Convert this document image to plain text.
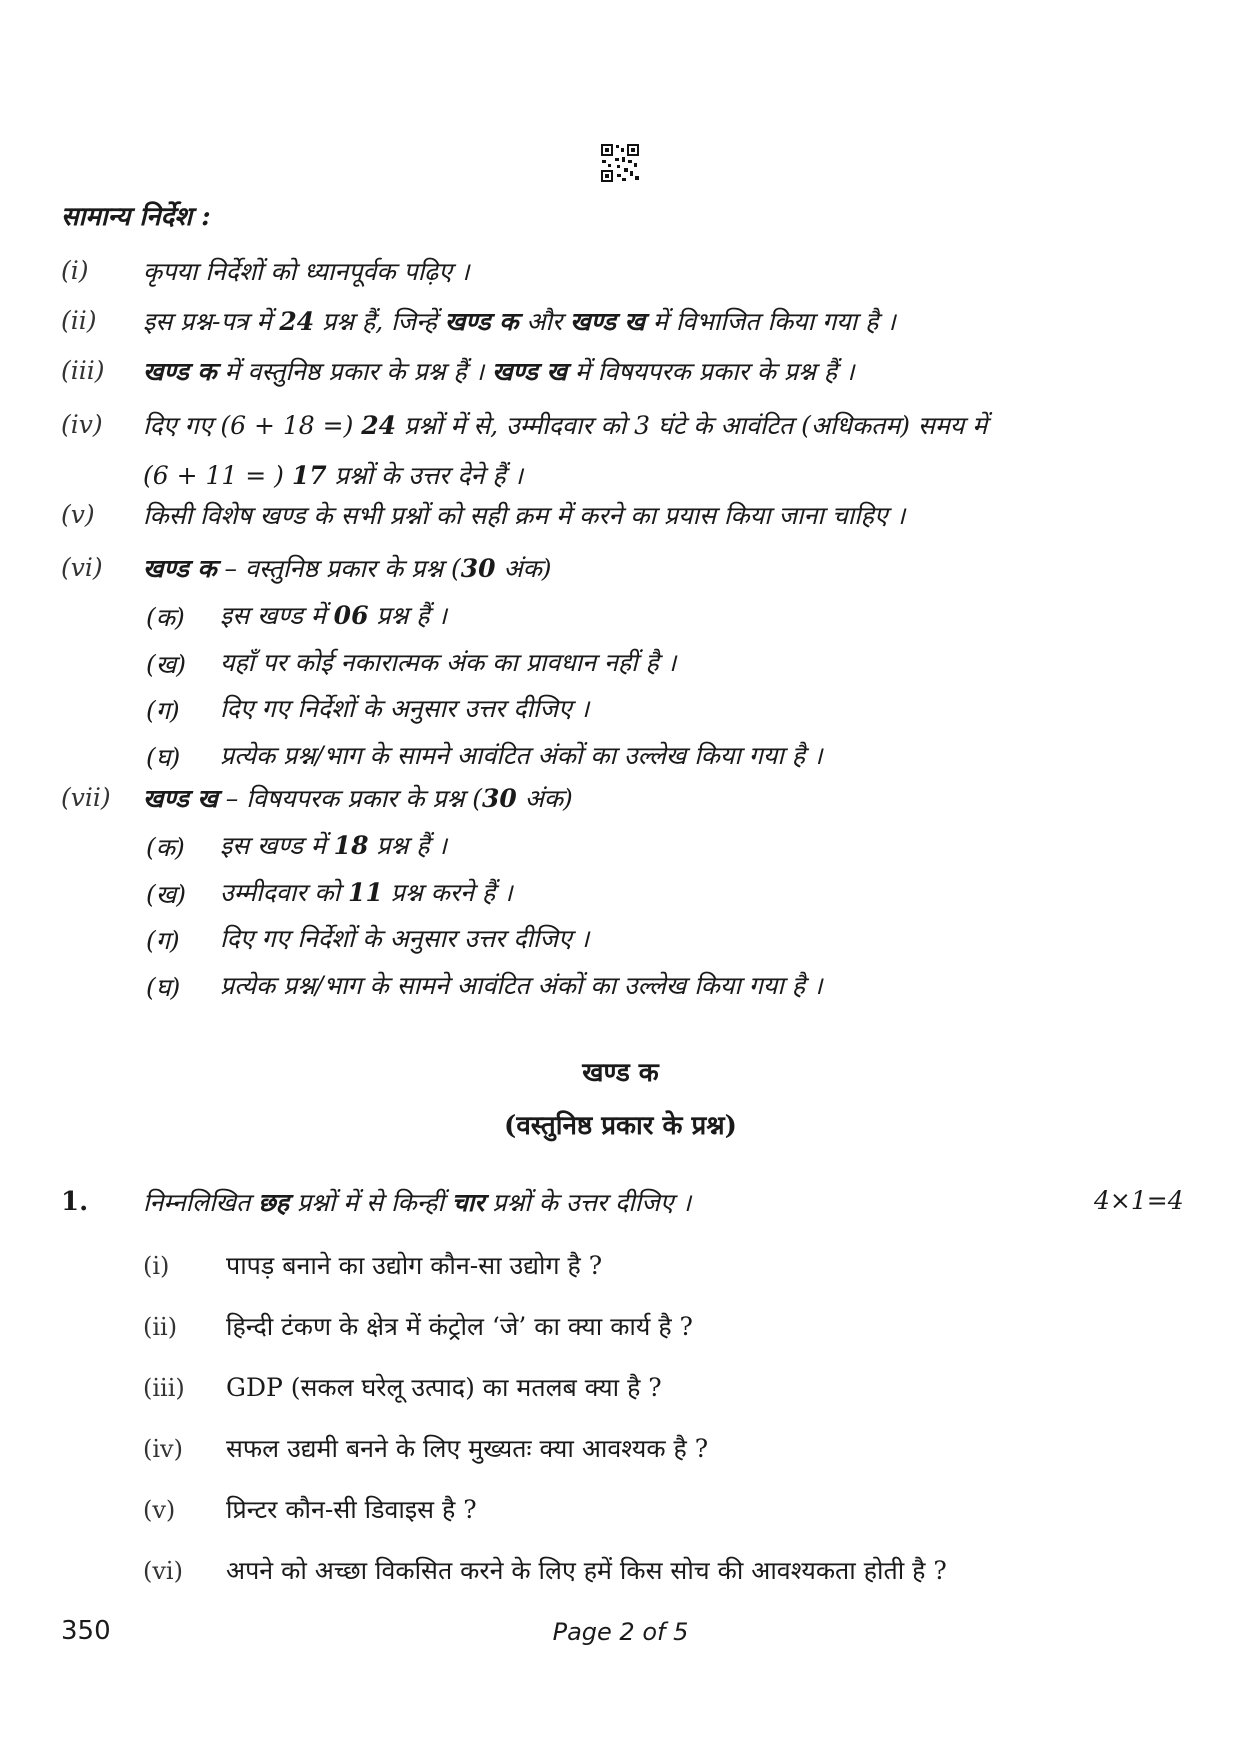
सामान्य निर्देश :
(i) कृपया निर्देशों को ध्यानपूर्वक पढ़िए ।
(ii) इस प्रश्न-पत्र में 24 प्रश्न हैं, जिन्हें खण्ड क और खण्ड ख में विभाजित किया गया है ।
(iii) खण्ड क में वस्तुनिष्ठ प्रकार के प्रश्न हैं । खण्ड ख में विषयपरक प्रकार के प्रश्न हैं ।
(iv) दिए गए (6 + 18 =) 24 प्रश्नों में से, उम्मीदवार को 3 घंटे के आवंटित (अधिकतम) समय में
(6 + 11 = ) 17 प्रश्नों के उत्तर देने हैं ।
(v) किसी विशेष खण्ड के सभी प्रश्नों को सही क्रम में करने का प्रयास किया जाना चाहिए ।
(vi) खण्ड क – वस्तुनिष्ठ प्रकार के प्रश्न (30 अंक)
(क) इस खण्ड में 06 प्रश्न हैं ।
(ख) यहाँ पर कोई नकारात्मक अंक का प्रावधान नहीं है ।
(ग) दिए गए निर्देशों के अनुसार उत्तर दीजिए ।
(घ) प्रत्येक प्रश्न/भाग के सामने आवंटित अंकों का उल्लेख किया गया है ।
(vii) खण्ड ख – विषयपरक प्रकार के प्रश्न (30 अंक)
(क) इस खण्ड में 18 प्रश्न हैं ।
(ख) उम्मीदवार को 11 प्रश्न करने हैं ।
(ग) दिए गए निर्देशों के अनुसार उत्तर दीजिए ।
(घ) प्रत्येक प्रश्न/भाग के सामने आवंटित अंकों का उल्लेख किया गया है ।
खण्ड क
(वस्तुनिष्ठ प्रकार के प्रश्न)
1. निम्नलिखित छह प्रश्नों में से किन्हीं चार प्रश्नों के उत्तर दीजिए ।	4×1=4
(i) पापड़ बनाने का उद्योग कौन-सा उद्योग है ?
(ii) हिन्दी टंकण के क्षेत्र में कंट्रोल ‘जे’ का क्या कार्य है ?
(iii) GDP (सकल घरेलू उत्पाद) का मतलब क्या है ?
(iv) सफल उद्यमी बनने के लिए मुख्यतः क्या आवश्यक है ?
(v) प्रिन्टर कौन-सी डिवाइस है ?
(vi) अपने को अच्छा विकसित करने के लिए हमें किस सोच की आवश्यकता होती है ?
350	Page 2 of 5
